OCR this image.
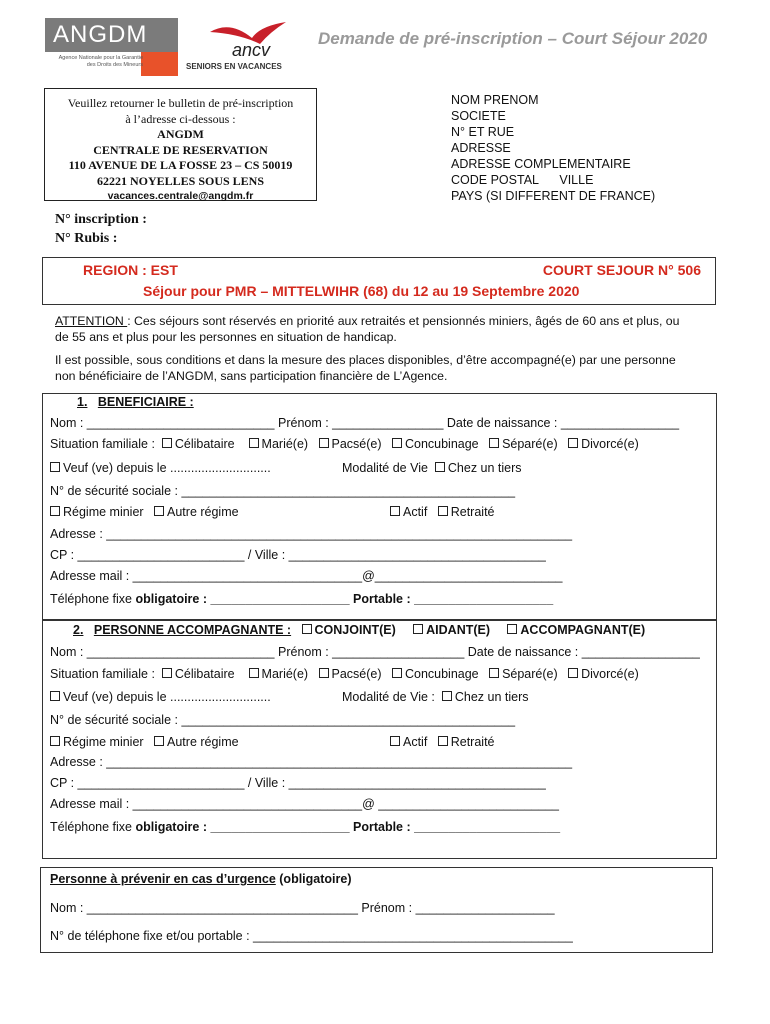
ANGDM
Agence Nationale pour la Garantie des Droits des Mineurs
ancv
SENIORS EN VACANCES
Demande de pré-inscription – Court Séjour 2020
Veuillez retourner le bulletin de pré-inscription
à l’adresse ci-dessous :
ANGDM
CENTRALE DE RESERVATION
110 AVENUE DE LA FOSSE 23 – CS 50019
62221 NOYELLES SOUS LENS
vacances.centrale@angdm.fr
NOM PRENOM
SOCIETE
N° ET RUE
ADRESSE
ADRESSE COMPLEMENTAIRE
CODE POSTAL      VILLE
PAYS (SI DIFFERENT DE FRANCE)
N° inscription :
N° Rubis :
REGION : EST	COURT SEJOUR N° 506
Séjour pour PMR – MITTELWIHR (68) du 12 au 19 Septembre 2020
ATTENTION : Ces séjours sont réservés en priorité aux retraités et pensionnés miniers, âgés de 60 ans et plus, ou
de 55 ans et plus pour les personnes en situation de handicap.
Il est possible, sous conditions et dans la mesure des places disponibles, d’être accompagné(e) par une personne
non bénéficiaire de l’ANGDM, sans participation financière de L’Agence.
1. BENEFICIAIRE :
Nom : ___________________________ Prénom : ________________ Date de naissance : _________________
Situation familiale : Célibataire Marié(e) Pacsé(e) Concubinage Séparé(e) Divorcé(e)
Veuf (ve) depuis le .............................	Modalité de Vie Chez un tiers
N° de sécurité sociale : ________________________________________________
Régime minier Autre régime	Actif Retraité
Adresse : ___________________________________________________________________
CP : ________________________ / Ville : _____________________________________
Adresse mail : _________________________________@___________________________
Téléphone fixe obligatoire : ____________________ Portable : ____________________
2. PERSONNE ACCOMPAGNANTE : CONJOINT(E) AIDANT(E) ACCOMPAGNANT(E)
Nom : ___________________________ Prénom : ___________________ Date de naissance : _________________
Situation familiale : Célibataire Marié(e) Pacsé(e) Concubinage Séparé(e) Divorcé(e)
Veuf (ve) depuis le .............................	Modalité de Vie : Chez un tiers
N° de sécurité sociale : ________________________________________________
Régime minier Autre régime	Actif Retraité
Adresse : ___________________________________________________________________
CP : ________________________ / Ville : _____________________________________
Adresse mail : _________________________________@ __________________________
Téléphone fixe obligatoire : ____________________ Portable : _____________________
Personne à prévenir en cas d’urgence (obligatoire)
Nom : _______________________________________ Prénom : ____________________
N° de téléphone fixe et/ou portable : ______________________________________________
